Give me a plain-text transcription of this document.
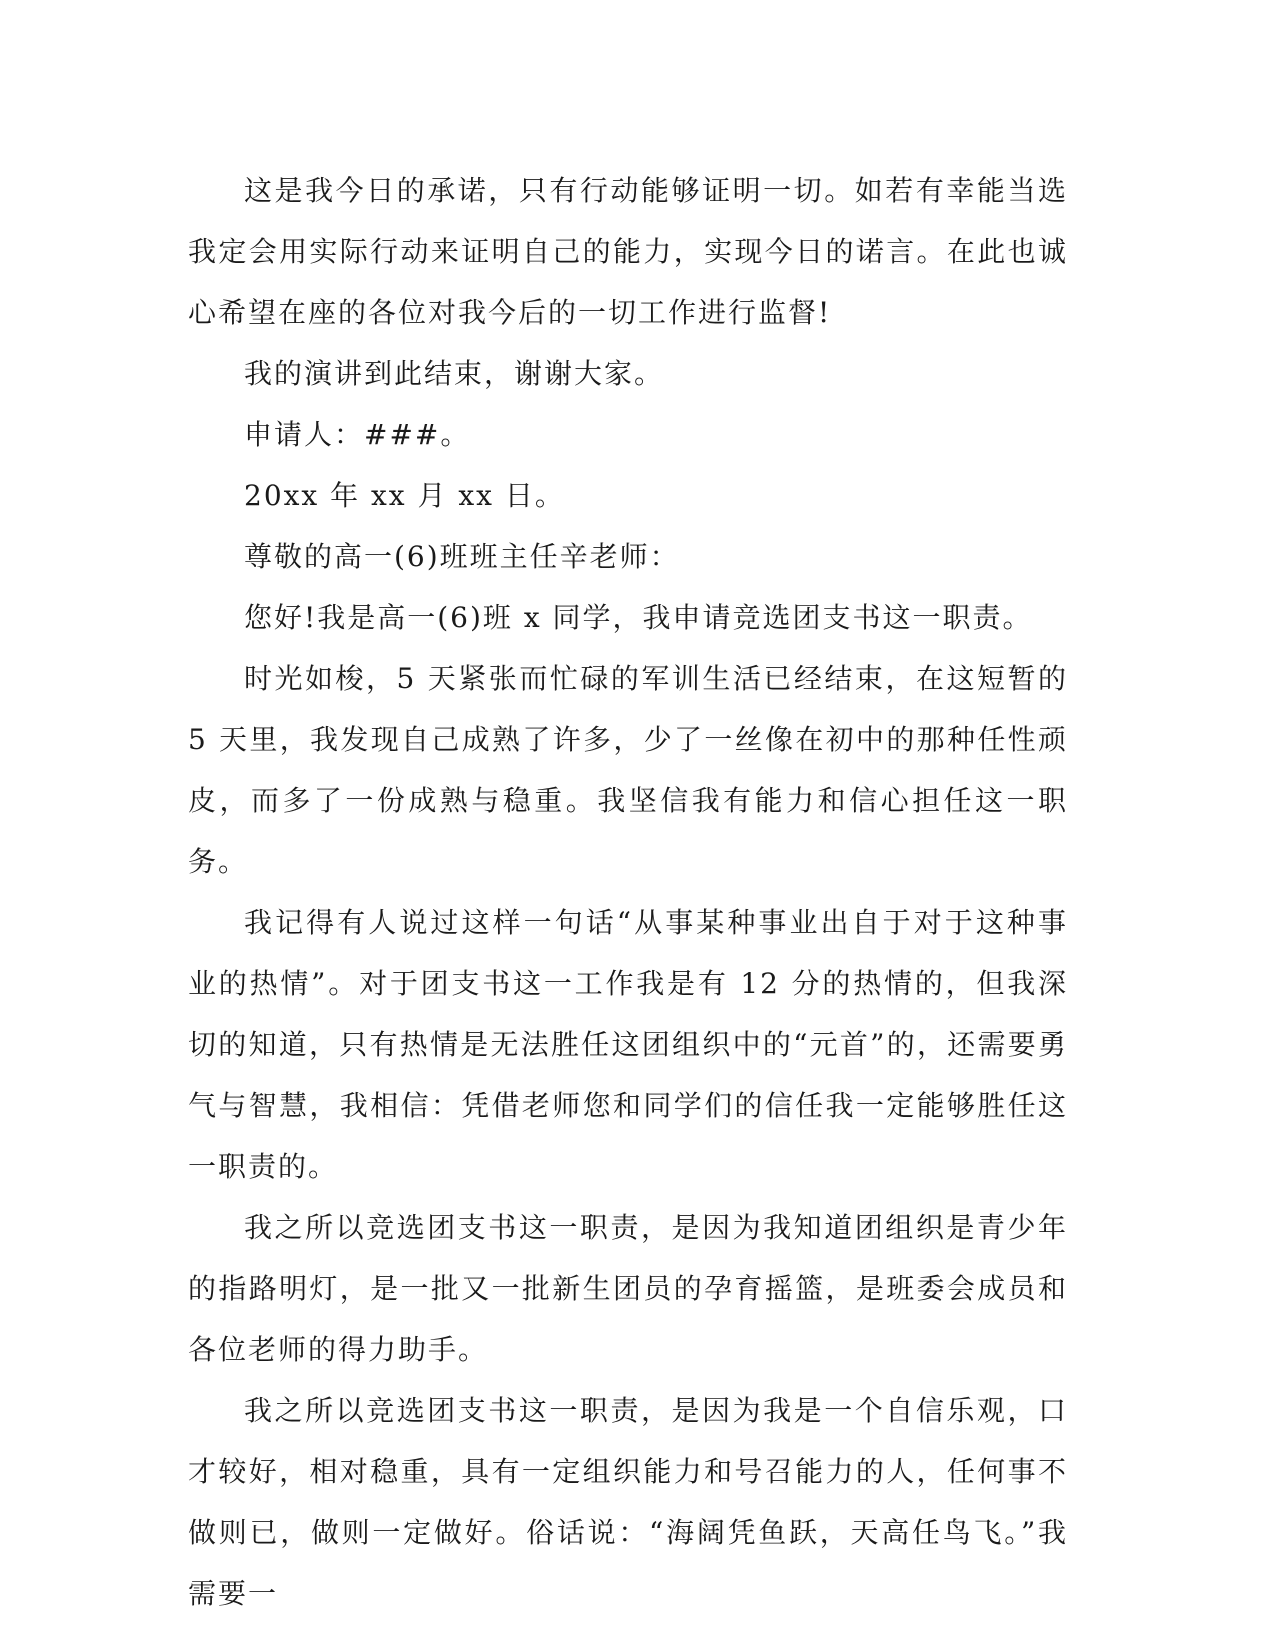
这是我今日的承诺，只有行动能够证明一切。如若有幸能当选我定会用实际行动来证明自己的能力，实现今日的诺言。在此也诚心希望在座的各位对我今后的一切工作进行监督!

我的演讲到此结束，谢谢大家。

申请人：###。

20xx 年 xx 月 xx 日。

尊敬的高一(6)班班主任辛老师：

您好!我是高一(6)班 x 同学，我申请竞选团支书这一职责。

时光如梭，5 天紧张而忙碌的军训生活已经结束，在这短暂的 5 天里，我发现自己成熟了许多，少了一丝像在初中的那种任性顽皮，而多了一份成熟与稳重。我坚信我有能力和信心担任这一职务。

我记得有人说过这样一句话“从事某种事业出自于对于这种事业的热情”。对于团支书这一工作我是有 12 分的热情的，但我深切的知道，只有热情是无法胜任这团组织中的“元首”的，还需要勇气与智慧，我相信：凭借老师您和同学们的信任我一定能够胜任这一职责的。

我之所以竞选团支书这一职责，是因为我知道团组织是青少年的指路明灯，是一批又一批新生团员的孕育摇篮，是班委会成员和各位老师的得力助手。

我之所以竞选团支书这一职责，是因为我是一个自信乐观，口才较好，相对稳重，具有一定组织能力和号召能力的人，任何事不做则已，做则一定做好。俗话说：“海阔凭鱼跃，天高任鸟飞。”我需要一
